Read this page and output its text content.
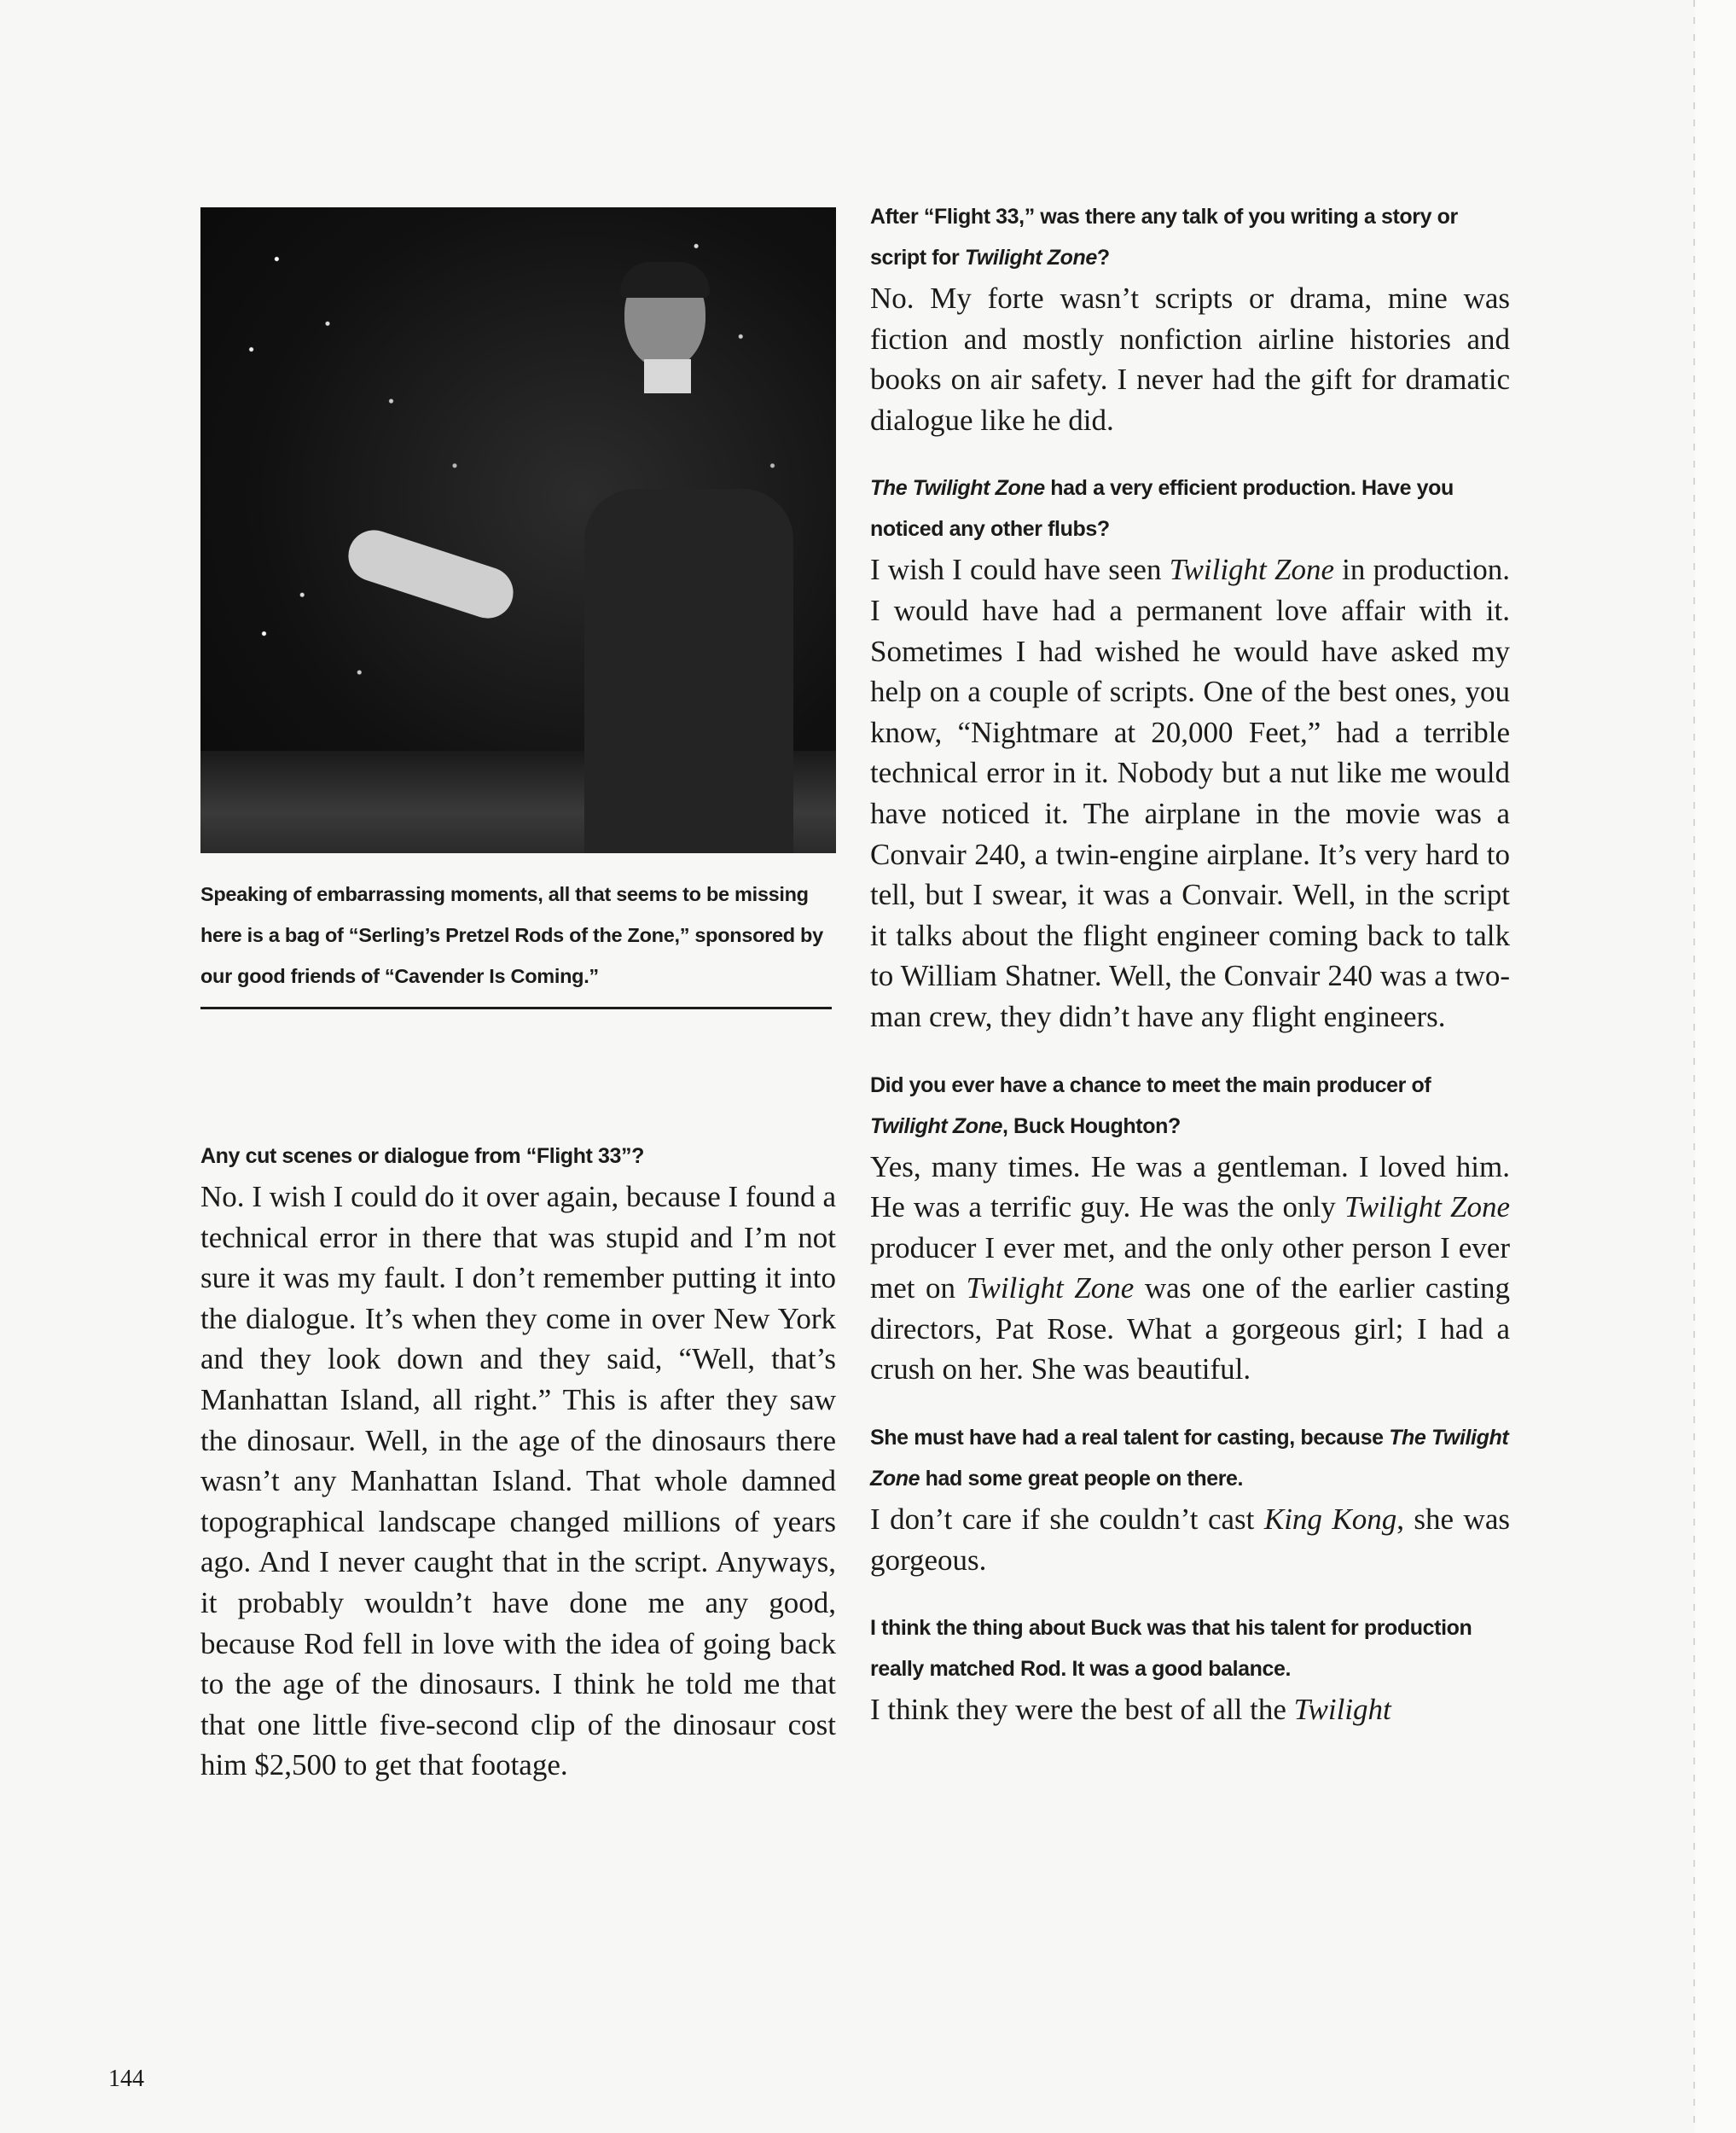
Speaking of embarrassing moments, all that seems to be missing here is a bag of “Serling’s Pretzel Rods of the Zone,” sponsored by our good friends of “Cavender Is Coming.”

Any cut scenes or dialogue from “Flight 33”?

No. I wish I could do it over again, because I found a technical error in there that was stupid and I’m not sure it was my fault. I don’t remember putting it into the dialogue. It’s when they come in over New York and they look down and they said, “Well, that’s Manhattan Island, all right.” This is after they saw the dinosaur. Well, in the age of the dinosaurs there wasn’t any Manhattan Island. That whole damned topographical landscape changed millions of years ago. And I never caught that in the script. Anyways, it probably wouldn’t have done me any good, because Rod fell in love with the idea of going back to the age of the dinosaurs. I think he told me that that one little five-second clip of the dinosaur cost him $2,500 to get that footage.

After “Flight 33,” was there any talk of you writing a story or script for Twilight Zone?

No. My forte wasn’t scripts or drama, mine was fiction and mostly nonfiction airline histories and books on air safety. I never had the gift for dramatic dialogue like he did.

The Twilight Zone had a very efficient production. Have you noticed any other flubs?

I wish I could have seen Twilight Zone in production. I would have had a permanent love affair with it. Sometimes I had wished he would have asked my help on a couple of scripts. One of the best ones, you know, “Nightmare at 20,000 Feet,” had a terrible technical error in it. Nobody but a nut like me would have noticed it. The airplane in the movie was a Convair 240, a twin-engine airplane. It’s very hard to tell, but I swear, it was a Convair. Well, in the script it talks about the flight engineer coming back to talk to William Shatner. Well, the Convair 240 was a two-man crew, they didn’t have any flight engineers.

Did you ever have a chance to meet the main producer of Twilight Zone, Buck Houghton?

Yes, many times. He was a gentleman. I loved him. He was a terrific guy. He was the only Twilight Zone producer I ever met, and the only other person I ever met on Twilight Zone was one of the earlier casting directors, Pat Rose. What a gorgeous girl; I had a crush on her. She was beautiful.

She must have had a real talent for casting, because The Twilight Zone had some great people on there.

I don’t care if she couldn’t cast King Kong, she was gorgeous.

I think the thing about Buck was that his talent for production really matched Rod. It was a good balance.

I think they were the best of all the Twilight

144
